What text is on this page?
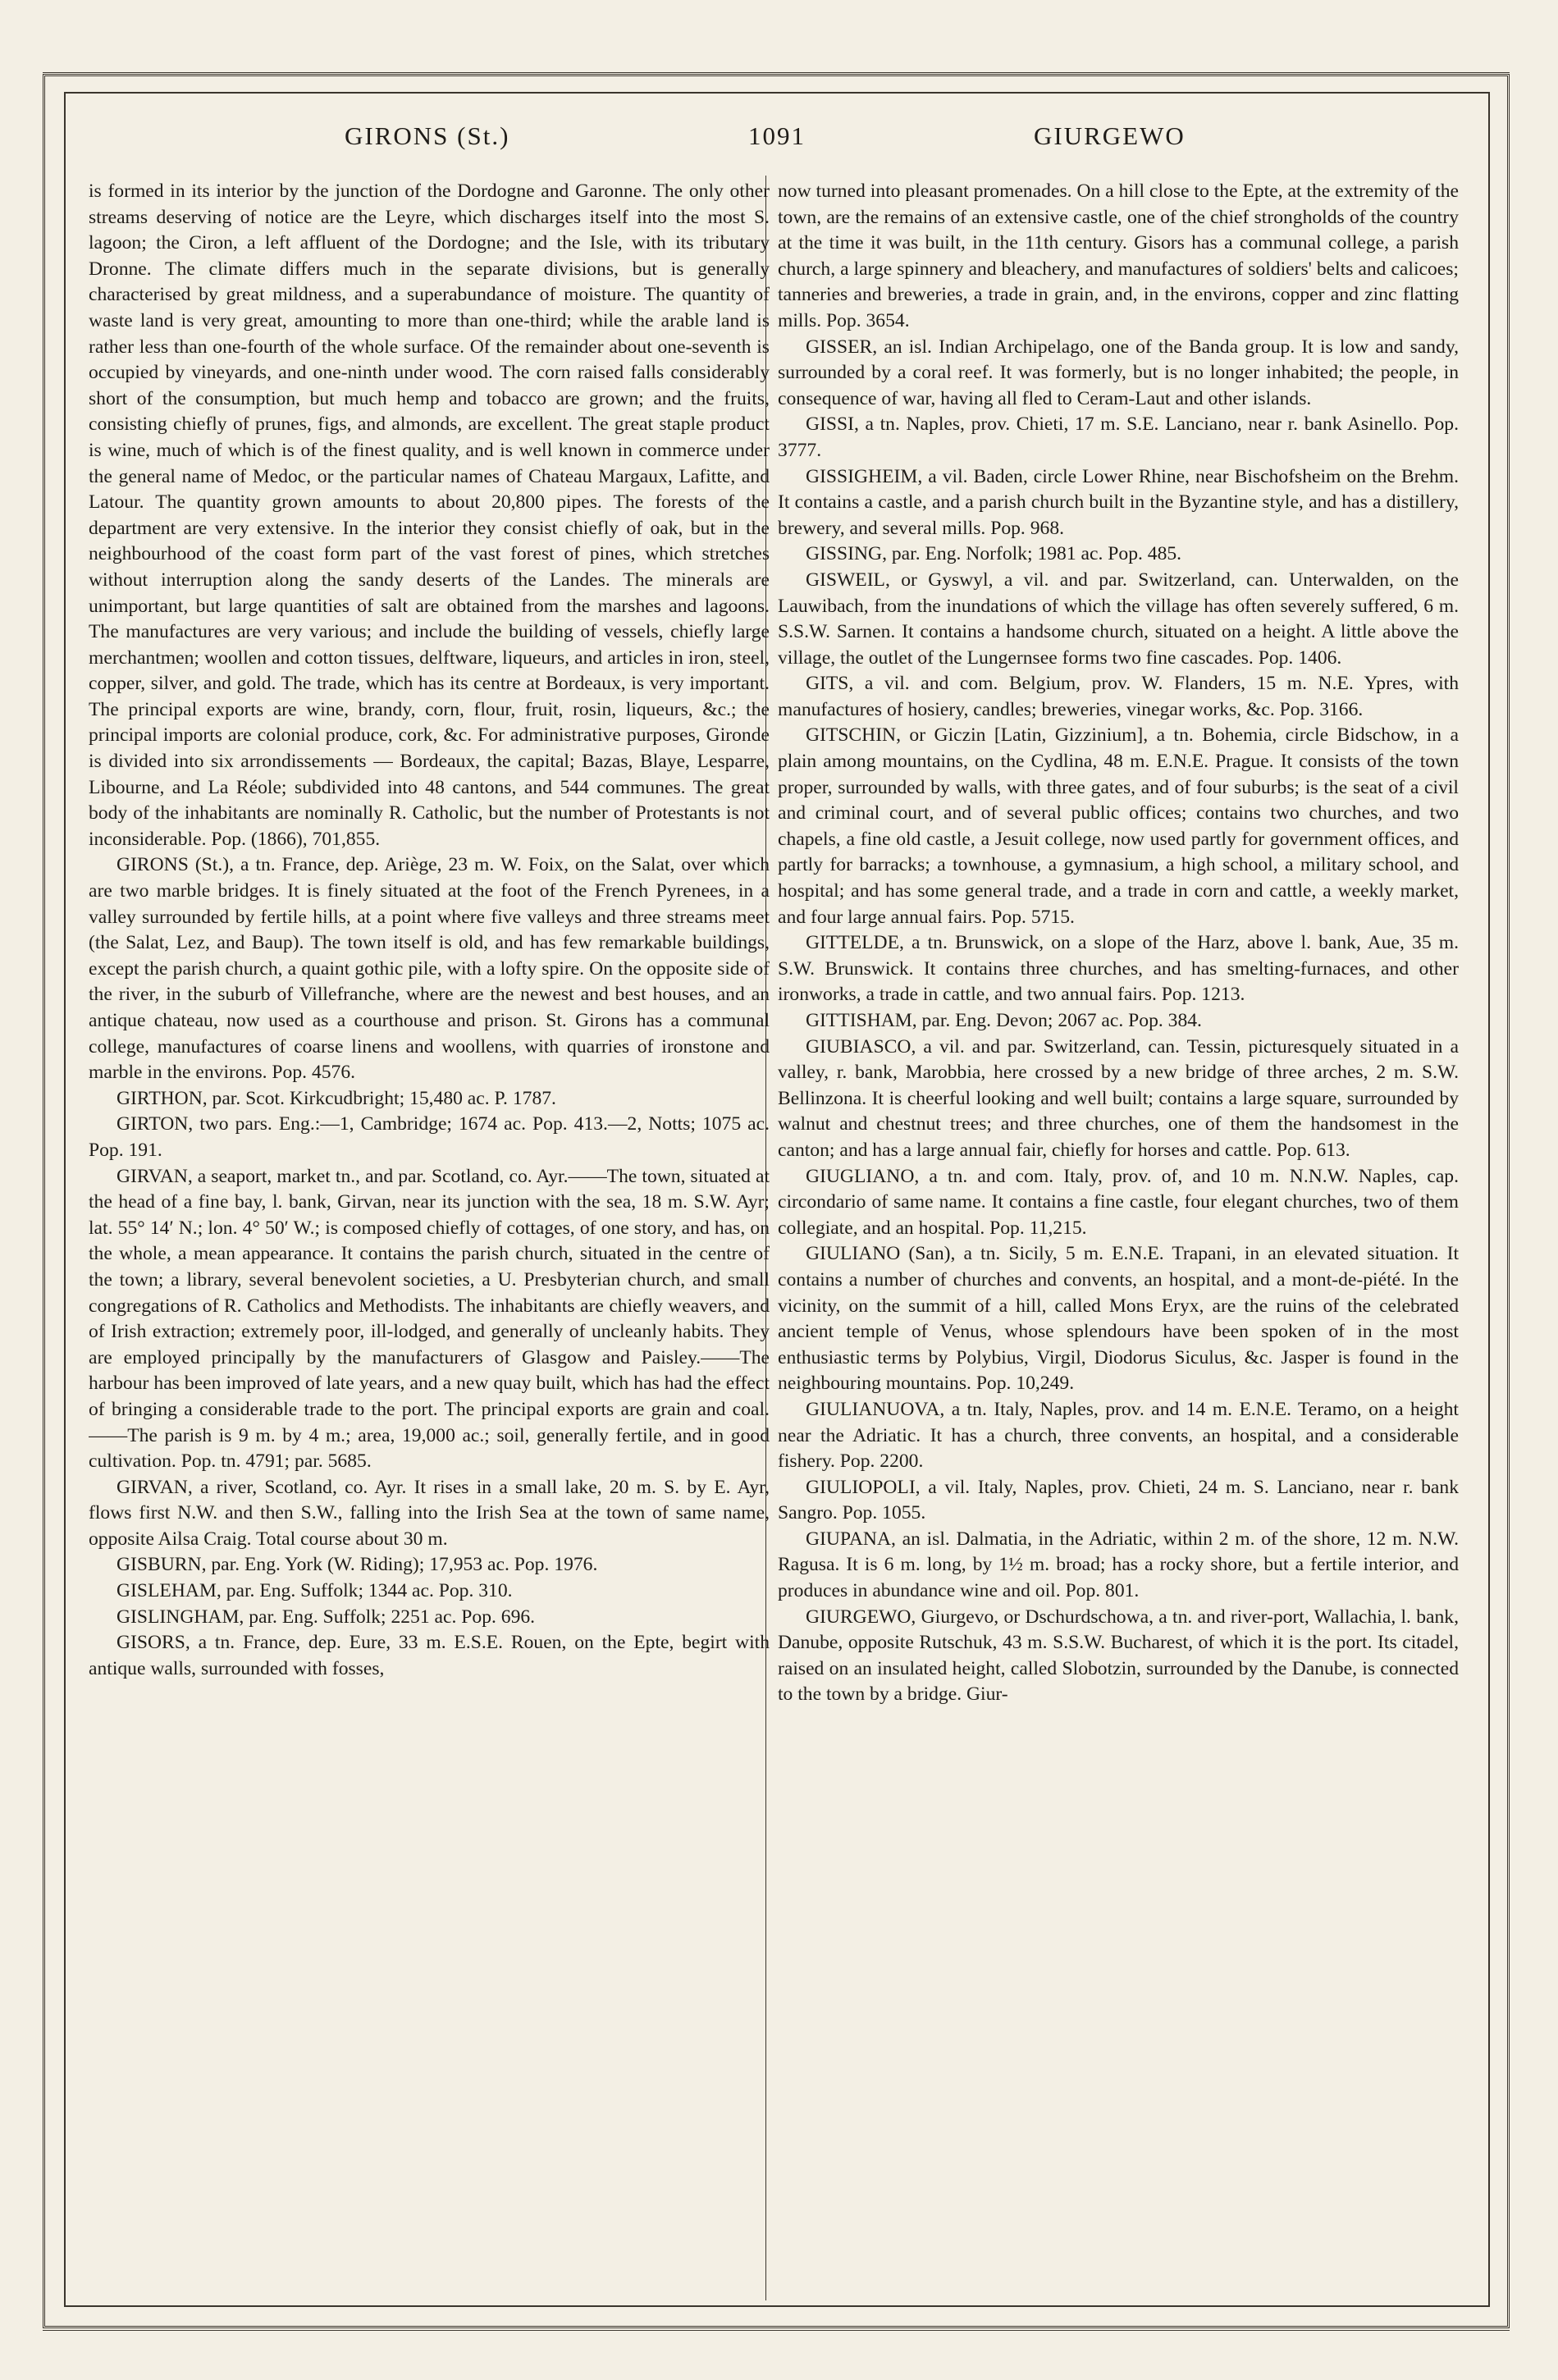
GIRONS (St.)	1091	GIURGEWO

is formed in its interior by the junction of the Dordogne and Garonne. The only other streams deserving of notice are the Leyre, which discharges itself into the most S. lagoon; the Ciron, a left affluent of the Dordogne; and the Isle, with its tributary Dronne. The climate differs much in the separate divisions, but is generally characterised by great mildness, and a superabundance of moisture. The quantity of waste land is very great, amounting to more than one-third; while the arable land is rather less than one-fourth of the whole surface. Of the remainder about one-seventh is occupied by vineyards, and one-ninth under wood. The corn raised falls considerably short of the consumption, but much hemp and tobacco are grown; and the fruits, consisting chiefly of prunes, figs, and almonds, are excellent. The great staple product is wine, much of which is of the finest quality, and is well known in commerce under the general name of Medoc, or the particular names of Chateau Margaux, Lafitte, and Latour. The quantity grown amounts to about 20,800 pipes. The forests of the department are very extensive. In the interior they consist chiefly of oak, but in the neighbourhood of the coast form part of the vast forest of pines, which stretches without interruption along the sandy deserts of the Landes. The minerals are unimportant, but large quantities of salt are obtained from the marshes and lagoons. The manufactures are very various; and include the building of vessels, chiefly large merchantmen; woollen and cotton tissues, delftware, liqueurs, and articles in iron, steel, copper, silver, and gold. The trade, which has its centre at Bordeaux, is very important. The principal exports are wine, brandy, corn, flour, fruit, rosin, liqueurs, &c.; the principal imports are colonial produce, cork, &c. For administrative purposes, Gironde is divided into six arrondissements — Bordeaux, the capital; Bazas, Blaye, Lesparre, Libourne, and La Réole; subdivided into 48 cantons, and 544 communes. The great body of the inhabitants are nominally R. Catholic, but the number of Protestants is not inconsiderable. Pop. (1866), 701,855.

GIRONS (St.), a tn. France, dep. Ariège, 23 m. W. Foix, on the Salat, over which are two marble bridges. It is finely situated at the foot of the French Pyrenees, in a valley surrounded by fertile hills, at a point where five valleys and three streams meet (the Salat, Lez, and Baup). The town itself is old, and has few remarkable buildings, except the parish church, a quaint gothic pile, with a lofty spire. On the opposite side of the river, in the suburb of Villefranche, where are the newest and best houses, and an antique chateau, now used as a courthouse and prison. St. Girons has a communal college, manufactures of coarse linens and woollens, with quarries of ironstone and marble in the environs. Pop. 4576.

GIRTHON, par. Scot. Kirkcudbright; 15,480 ac. P. 1787.

GIRTON, two pars. Eng.:—1, Cambridge; 1674 ac. Pop. 413.—2, Notts; 1075 ac. Pop. 191.

GIRVAN, a seaport, market tn., and par. Scotland, co. Ayr.——The town, situated at the head of a fine bay, l. bank, Girvan, near its junction with the sea, 18 m. S.W. Ayr; lat. 55° 14′ N.; lon. 4° 50′ W.; is composed chiefly of cottages, of one story, and has, on the whole, a mean appearance. It contains the parish church, situated in the centre of the town; a library, several benevolent societies, a U. Presbyterian church, and small congregations of R. Catholics and Methodists. The inhabitants are chiefly weavers, and of Irish extraction; extremely poor, ill-lodged, and generally of uncleanly habits. They are employed principally by the manufacturers of Glasgow and Paisley.——The harbour has been improved of late years, and a new quay built, which has had the effect of bringing a considerable trade to the port. The principal exports are grain and coal.——The parish is 9 m. by 4 m.; area, 19,000 ac.; soil, generally fertile, and in good cultivation. Pop. tn. 4791; par. 5685.

GIRVAN, a river, Scotland, co. Ayr. It rises in a small lake, 20 m. S. by E. Ayr, flows first N.W. and then S.W., falling into the Irish Sea at the town of same name, opposite Ailsa Craig. Total course about 30 m.

GISBURN, par. Eng. York (W. Riding); 17,953 ac. Pop. 1976.

GISLEHAM, par. Eng. Suffolk; 1344 ac. Pop. 310.

GISLINGHAM, par. Eng. Suffolk; 2251 ac. Pop. 696.

GISORS, a tn. France, dep. Eure, 33 m. E.S.E. Rouen, on the Epte, begirt with antique walls, surrounded with fosses,

now turned into pleasant promenades. On a hill close to the Epte, at the extremity of the town, are the remains of an extensive castle, one of the chief strongholds of the country at the time it was built, in the 11th century. Gisors has a communal college, a parish church, a large spinnery and bleachery, and manufactures of soldiers' belts and calicoes; tanneries and breweries, a trade in grain, and, in the environs, copper and zinc flatting mills. Pop. 3654.

GISSER, an isl. Indian Archipelago, one of the Banda group. It is low and sandy, surrounded by a coral reef. It was formerly, but is no longer inhabited; the people, in consequence of war, having all fled to Ceram-Laut and other islands.

GISSI, a tn. Naples, prov. Chieti, 17 m. S.E. Lanciano, near r. bank Asinello. Pop. 3777.

GISSIGHEIM, a vil. Baden, circle Lower Rhine, near Bischofsheim on the Brehm. It contains a castle, and a parish church built in the Byzantine style, and has a distillery, brewery, and several mills. Pop. 968.

GISSING, par. Eng. Norfolk; 1981 ac. Pop. 485.

GISWEIL, or Gyswyl, a vil. and par. Switzerland, can. Unterwalden, on the Lauwibach, from the inundations of which the village has often severely suffered, 6 m. S.S.W. Sarnen. It contains a handsome church, situated on a height. A little above the village, the outlet of the Lungernsee forms two fine cascades. Pop. 1406.

GITS, a vil. and com. Belgium, prov. W. Flanders, 15 m. N.E. Ypres, with manufactures of hosiery, candles; breweries, vinegar works, &c. Pop. 3166.

GITSCHIN, or Giczin [Latin, Gizzinium], a tn. Bohemia, circle Bidschow, in a plain among mountains, on the Cydlina, 48 m. E.N.E. Prague. It consists of the town proper, surrounded by walls, with three gates, and of four suburbs; is the seat of a civil and criminal court, and of several public offices; contains two churches, and two chapels, a fine old castle, a Jesuit college, now used partly for government offices, and partly for barracks; a townhouse, a gymnasium, a high school, a military school, and hospital; and has some general trade, and a trade in corn and cattle, a weekly market, and four large annual fairs. Pop. 5715.

GITTELDE, a tn. Brunswick, on a slope of the Harz, above l. bank, Aue, 35 m. S.W. Brunswick. It contains three churches, and has smelting-furnaces, and other ironworks, a trade in cattle, and two annual fairs. Pop. 1213.

GITTISHAM, par. Eng. Devon; 2067 ac. Pop. 384.

GIUBIASCO, a vil. and par. Switzerland, can. Tessin, picturesquely situated in a valley, r. bank, Marobbia, here crossed by a new bridge of three arches, 2 m. S.W. Bellinzona. It is cheerful looking and well built; contains a large square, surrounded by walnut and chestnut trees; and three churches, one of them the handsomest in the canton; and has a large annual fair, chiefly for horses and cattle. Pop. 613.

GIUGLIANO, a tn. and com. Italy, prov. of, and 10 m. N.N.W. Naples, cap. circondario of same name. It contains a fine castle, four elegant churches, two of them collegiate, and an hospital. Pop. 11,215.

GIULIANO (San), a tn. Sicily, 5 m. E.N.E. Trapani, in an elevated situation. It contains a number of churches and convents, an hospital, and a mont-de-piété. In the vicinity, on the summit of a hill, called Mons Eryx, are the ruins of the celebrated ancient temple of Venus, whose splendours have been spoken of in the most enthusiastic terms by Polybius, Virgil, Diodorus Siculus, &c. Jasper is found in the neighbouring mountains. Pop. 10,249.

GIULIANUOVA, a tn. Italy, Naples, prov. and 14 m. E.N.E. Teramo, on a height near the Adriatic. It has a church, three convents, an hospital, and a considerable fishery. Pop. 2200.

GIULIOPOLI, a vil. Italy, Naples, prov. Chieti, 24 m. S. Lanciano, near r. bank Sangro. Pop. 1055.

GIUPANA, an isl. Dalmatia, in the Adriatic, within 2 m. of the shore, 12 m. N.W. Ragusa. It is 6 m. long, by 1½ m. broad; has a rocky shore, but a fertile interior, and produces in abundance wine and oil. Pop. 801.

GIURGEWO, Giurgevo, or Dschurdschowa, a tn. and river-port, Wallachia, l. bank, Danube, opposite Rutschuk, 43 m. S.S.W. Bucharest, of which it is the port. Its citadel, raised on an insulated height, called Slobotzin, surrounded by the Danube, is connected to the town by a bridge. Giur-
